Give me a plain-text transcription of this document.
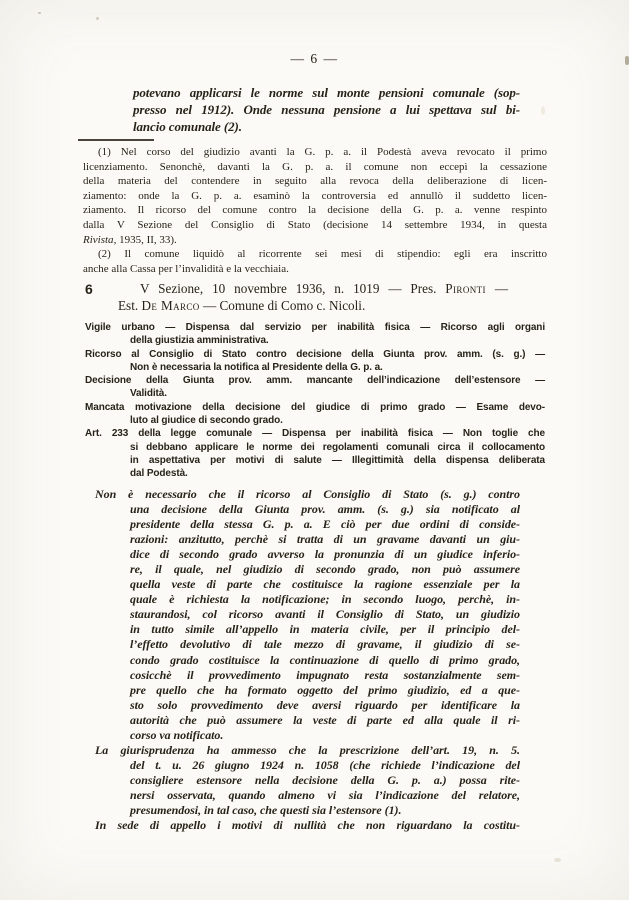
— 6 —
potevano applicarsi le norme sul monte pensioni comunale (sop-
presso nel 1912). Onde nessuna pensione a lui spettava sul bi-
lancio comunale (2).
(1) Nel corso del giudizio avanti la G. p. a. il Podestà aveva revocato il primo
licenziamento. Senonchè, davanti la G. p. a. il comune non eccepì la cessazione
della materia del contendere in seguito alla revoca della deliberazione di licen-
ziamento: onde la G. p. a. esaminò la controversia ed annullò il suddetto licen-
ziamento. Il ricorso del comune contro la decisione della G. p. a. venne respinto
dalla V Sezione del Consiglio di Stato (decisione 14 settembre 1934, in questa
Rivista, 1935, II, 33).
(2) Il comune liquidò al ricorrente sei mesi di stipendio: egli era inscritto
anche alla Cassa per l’invalidità e la vecchiaia.
6	V Sezione, 10 novembre 1936, n. 1019 — Pres. Pironti —
Est. De Marco — Comune di Como c. Nicoli.
Vigile urbano — Dispensa dal servizio per inabilità fisica — Ricorso agli organi
della giustizia amministrativa.
Ricorso al Consiglio di Stato contro decisione della Giunta prov. amm. (s. g.) —
Non è necessaria la notifica al Presidente della G. p. a.
Decisione della Giunta prov. amm. mancante dell’indicazione dell’estensore —
Validità.
Mancata motivazione della decisione del giudice di primo grado — Esame devo-
luto al giudice di secondo grado.
Art. 233 della legge comunale — Dispensa per inabilità fisica — Non toglie che
si debbano applicare le norme dei regolamenti comunali circa il collocamento
in aspettativa per motivi di salute — Illegittimità della dispensa deliberata
dal Podestà.
Non è necessario che il ricorso al Consiglio di Stato (s. g.) contro
una decisione della Giunta prov. amm. (s. g.) sia notificato al
presidente della stessa G. p. a. E ciò per due ordini di conside-
razioni: anzitutto, perchè si tratta di un gravame davanti un giu-
dice di secondo grado avverso la pronunzia di un giudice inferio-
re, il quale, nel giudizio di secondo grado, non può assumere
quella veste di parte che costituisce la ragione essenziale per la
quale è richiesta la notificazione; in secondo luogo, perchè, in-
staurandosi, col ricorso avanti il Consiglio di Stato, un giudizio
in tutto simile all’appello in materia civile, per il principio del-
l’effetto devolutivo di tale mezzo di gravame, il giudizio di se-
condo grado costituisce la continuazione di quello di primo grado,
cosicchè il provvedimento impugnato resta sostanzialmente sem-
pre quello che ha formato oggetto del primo giudizio, ed a que-
sto solo provvedimento deve aversi riguardo per identificare la
autorità che può assumere la veste di parte ed alla quale il ri-
corso va notificato.
La giurisprudenza ha ammesso che la prescrizione dell’art. 19, n. 5.
del t. u. 26 giugno 1924 n. 1058 (che richiede l’indicazione del
consigliere estensore nella decisione della G. p. a.) possa rite-
nersi osservata, quando almeno vi sia l’indicazione del relatore,
presumendosi, in tal caso, che questi sia l’estensore (1).
In sede di appello i motivi di nullità che non riguardano la costitu-
